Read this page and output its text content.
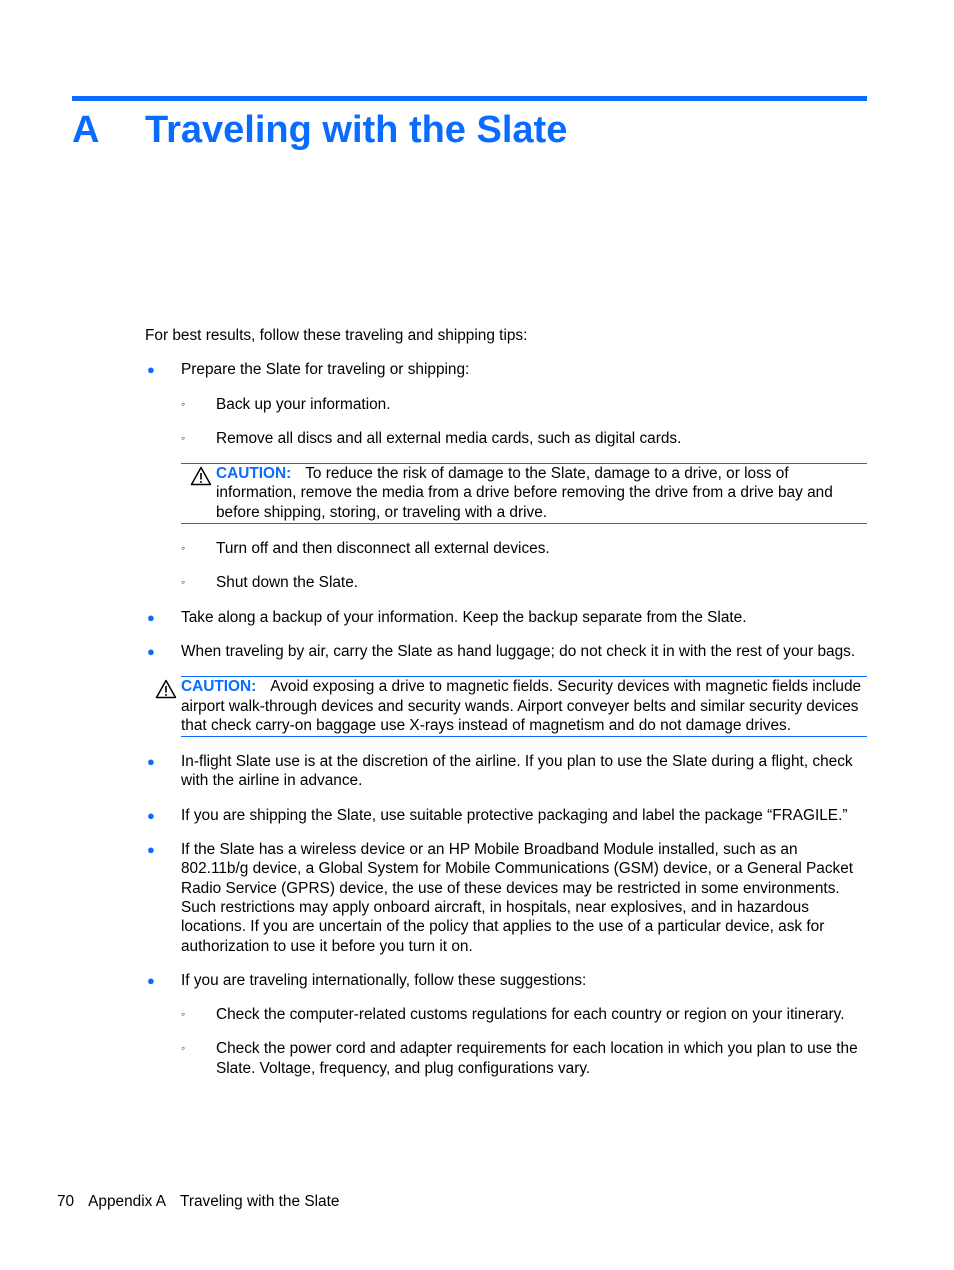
A Traveling with the Slate

For best results, follow these traveling and shipping tips:

● Prepare the Slate for traveling or shipping:
◦ Back up your information.
◦ Remove all discs and all external media cards, such as digital cards.
CAUTION: To reduce the risk of damage to the Slate, damage to a drive, or loss of information, remove the media from a drive before removing the drive from a drive bay and before shipping, storing, or traveling with a drive.
◦ Turn off and then disconnect all external devices.
◦ Shut down the Slate.
● Take along a backup of your information. Keep the backup separate from the Slate.
● When traveling by air, carry the Slate as hand luggage; do not check it in with the rest of your bags.
CAUTION: Avoid exposing a drive to magnetic fields. Security devices with magnetic fields include airport walk-through devices and security wands. Airport conveyer belts and similar security devices that check carry-on baggage use X-rays instead of magnetism and do not damage drives.
● In-flight Slate use is at the discretion of the airline. If you plan to use the Slate during a flight, check with the airline in advance.
● If you are shipping the Slate, use suitable protective packaging and label the package “FRAGILE.”
● If the Slate has a wireless device or an HP Mobile Broadband Module installed, such as an 802.11b/g device, a Global System for Mobile Communications (GSM) device, or a General Packet Radio Service (GPRS) device, the use of these devices may be restricted in some environments. Such restrictions may apply onboard aircraft, in hospitals, near explosives, and in hazardous locations. If you are uncertain of the policy that applies to the use of a particular device, ask for authorization to use it before you turn it on.
● If you are traveling internationally, follow these suggestions:
◦ Check the computer-related customs regulations for each country or region on your itinerary.
◦ Check the power cord and adapter requirements for each location in which you plan to use the Slate. Voltage, frequency, and plug configurations vary.
70 Appendix A Traveling with the Slate
